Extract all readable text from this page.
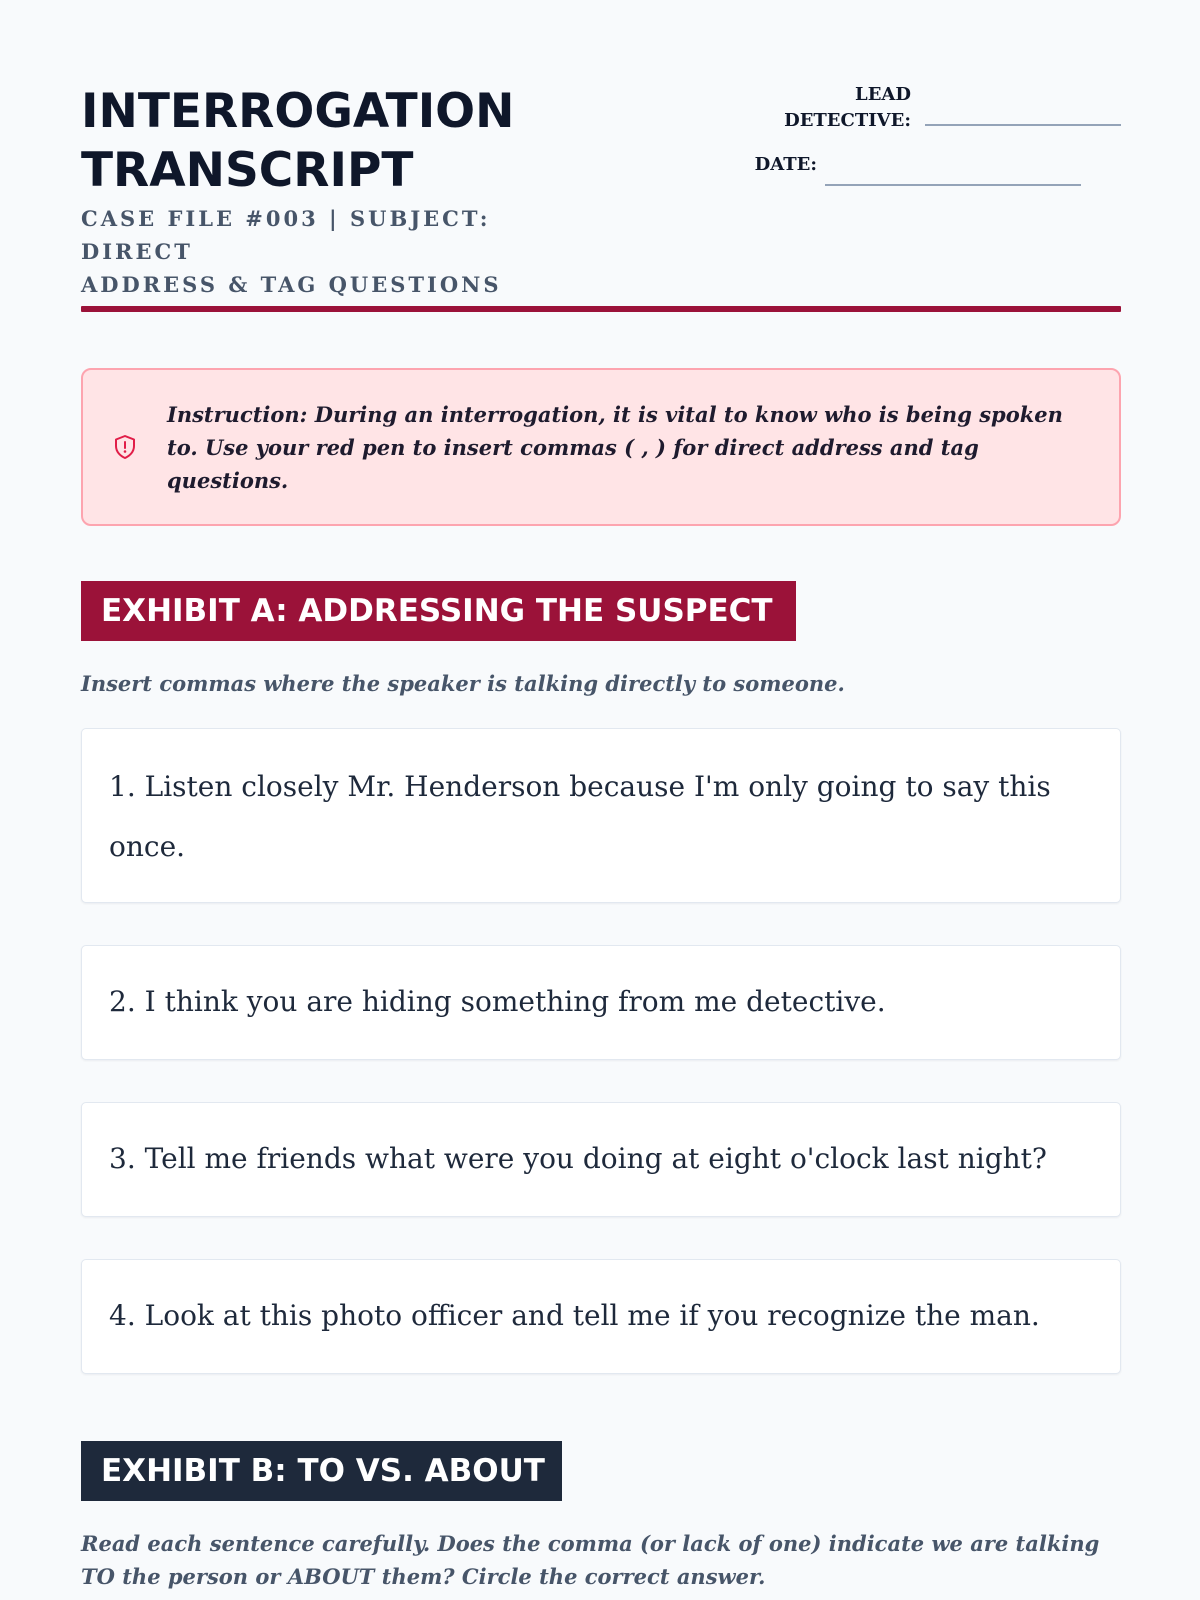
INTERROGATION
TRANSCRIPT
CASE FILE #003 | SUBJECT: DIRECT
ADDRESS & TAG QUESTIONS
LEAD
DETECTIVE:
DATE:
Instruction: During an interrogation, it is vital to know who is being spoken to. Use your red pen to insert commas ( , ) for direct address and tag questions.
EXHIBIT A: ADDRESSING THE SUSPECT
Insert commas where the speaker is talking directly to someone.
1. Listen closely Mr. Henderson because I'm only going to say this once.
2. I think you are hiding something from me detective.
3. Tell me friends what were you doing at eight o'clock last night?
4. Look at this photo officer and tell me if you recognize the man.
EXHIBIT B: TO VS. ABOUT
Read each sentence carefully. Does the comma (or lack of one) indicate we are talking TO the person or ABOUT them? Circle the correct answer.
